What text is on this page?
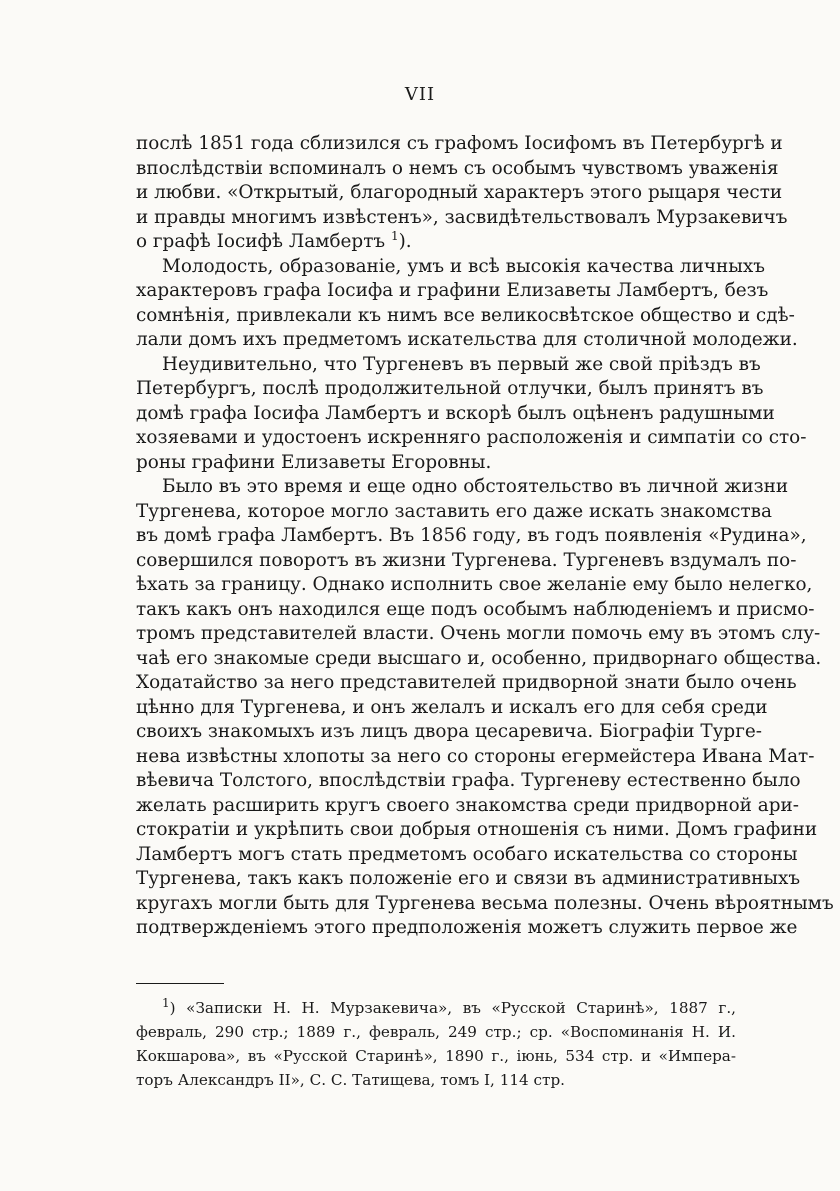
VII
послѣ 1851 года сблизился съ графомъ Іосифомъ въ Петербургѣ и
впослѣдствіи вспоминалъ о немъ съ особымъ чувствомъ уваженія
и любви. «Открытый, благородный характеръ этого рыцаря чести
и правды многимъ извѣстенъ», засвидѣтельствовалъ Мурзакевичъ
о графѣ Іосифѣ Ламбертъ $^1$).
Молодость, образованіе, умъ и всѣ высокія качества личныхъ
характеровъ графа Іосифа и графини Елизаветы Ламбертъ, безъ
сомнѣнія, привлекали къ нимъ все великосвѣтское общество и сдѣ-
лали домъ ихъ предметомъ искательства для столичной молодежи.
Неудивительно, что Тургеневъ въ первый же свой пріѣздъ въ
Петербургъ, послѣ продолжительной отлучки, былъ принятъ въ
домѣ графа Іосифа Ламбертъ и вскорѣ былъ оцѣненъ радушными
хозяевами и удостоенъ искренняго расположенія и симпатіи со сто-
роны графини Елизаветы Егоровны.
Было въ это время и еще одно обстоятельство въ личной жизни
Тургенева, которое могло заставить его даже искать знакомства
въ домѣ графа Ламбертъ. Въ 1856 году, въ годъ появленія «Рудина»,
совершился поворотъ въ жизни Тургенева. Тургеневъ вздумалъ по-
ѣхать за границу. Однако исполнить свое желаніе ему было нелегко,
такъ какъ онъ находился еще подъ особымъ наблюденіемъ и присмо-
тромъ представителей власти. Очень могли помочь ему въ этомъ слу-
чаѣ его знакомые среди высшаго и, особенно, придворнаго общества.
Ходатайство за него представителей придворной знати было очень
цѣнно для Тургенева, и онъ желалъ и искалъ его для себя среди
своихъ знакомыхъ изъ лицъ двора цесаревича. Біографіи Турге-
нева извѣстны хлопоты за него со стороны егермейстера Ивана Мат-
вѣевича Толстого, впослѣдствіи графа. Тургеневу естественно было
желать расширить кругъ своего знакомства среди придворной ари-
стократіи и укрѣпить свои добрыя отношенія съ ними. Домъ графини
Ламбертъ могъ стать предметомъ особаго искательства со стороны
Тургенева, такъ какъ положеніе его и связи въ административныхъ
кругахъ могли быть для Тургенева весьма полезны. Очень вѣроятнымъ
подтвержденіемъ этого предположенія можетъ служить первое же
$^1$) «Записки Н. Н. Мурзакевича», въ «Русской Старинѣ», 1887 г.,
февраль, 290 стр.; 1889 г., февраль, 249 стр.; ср. «Воспоминанія Н. И.
Кокшарова», въ «Русской Старинѣ», 1890 г., іюнь, 534 стр. и «Импера-
торъ Александръ II», С. С. Татищева, томъ I, 114 стр.
